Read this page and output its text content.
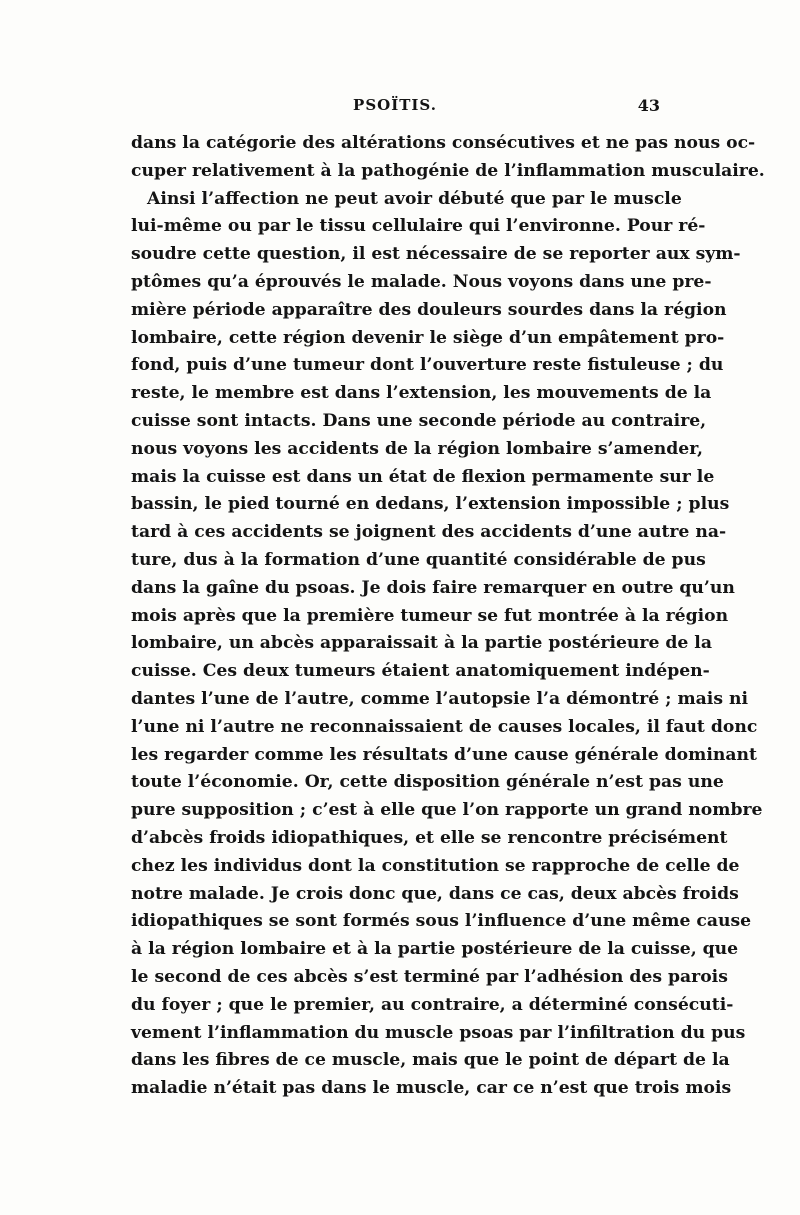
PSOÏTIS.	43
dans la catégorie des altérations consécutives et ne pas nous oc-
cuper relativement à la pathogénie de l’inflammation musculaire.
Ainsi l’affection ne peut avoir débuté que par le muscle
lui-même ou par le tissu cellulaire qui l’environne. Pour ré-
soudre cette question, il est nécessaire de se reporter aux sym-
ptômes qu’a éprouvés le malade. Nous voyons dans une pre-
mière période apparaître des douleurs sourdes dans la région
lombaire, cette région devenir le siège d’un empâtement pro-
fond, puis d’une tumeur dont l’ouverture reste fistuleuse ; du
reste, le membre est dans l’extension, les mouvements de la
cuisse sont intacts. Dans une seconde période au contraire,
nous voyons les accidents de la région lombaire s’amender,
mais la cuisse est dans un état de flexion permamente sur le
bassin, le pied tourné en dedans, l’extension impossible ; plus
tard à ces accidents se joignent des accidents d’une autre na-
ture, dus à la formation d’une quantité considérable de pus
dans la gaîne du psoas. Je dois faire remarquer en outre qu’un
mois après que la première tumeur se fut montrée à la région
lombaire, un abcès apparaissait à la partie postérieure de la
cuisse. Ces deux tumeurs étaient anatomiquement indépen-
dantes l’une de l’autre, comme l’autopsie l’a démontré ; mais ni
l’une ni l’autre ne reconnaissaient de causes locales, il faut donc
les regarder comme les résultats d’une cause générale dominant
toute l’économie. Or, cette disposition générale n’est pas une
pure supposition ; c’est à elle que l’on rapporte un grand nombre
d’abcès froids idiopathiques, et elle se rencontre précisément
chez les individus dont la constitution se rapproche de celle de
notre malade. Je crois donc que, dans ce cas, deux abcès froids
idiopathiques se sont formés sous l’influence d’une même cause
à la région lombaire et à la partie postérieure de la cuisse, que
le second de ces abcès s’est terminé par l’adhésion des parois
du foyer ; que le premier, au contraire, a déterminé consécuti-
vement l’inflammation du muscle psoas par l’infiltration du pus
dans les fibres de ce muscle, mais que le point de départ de la
maladie n’était pas dans le muscle, car ce n’est que trois mois
